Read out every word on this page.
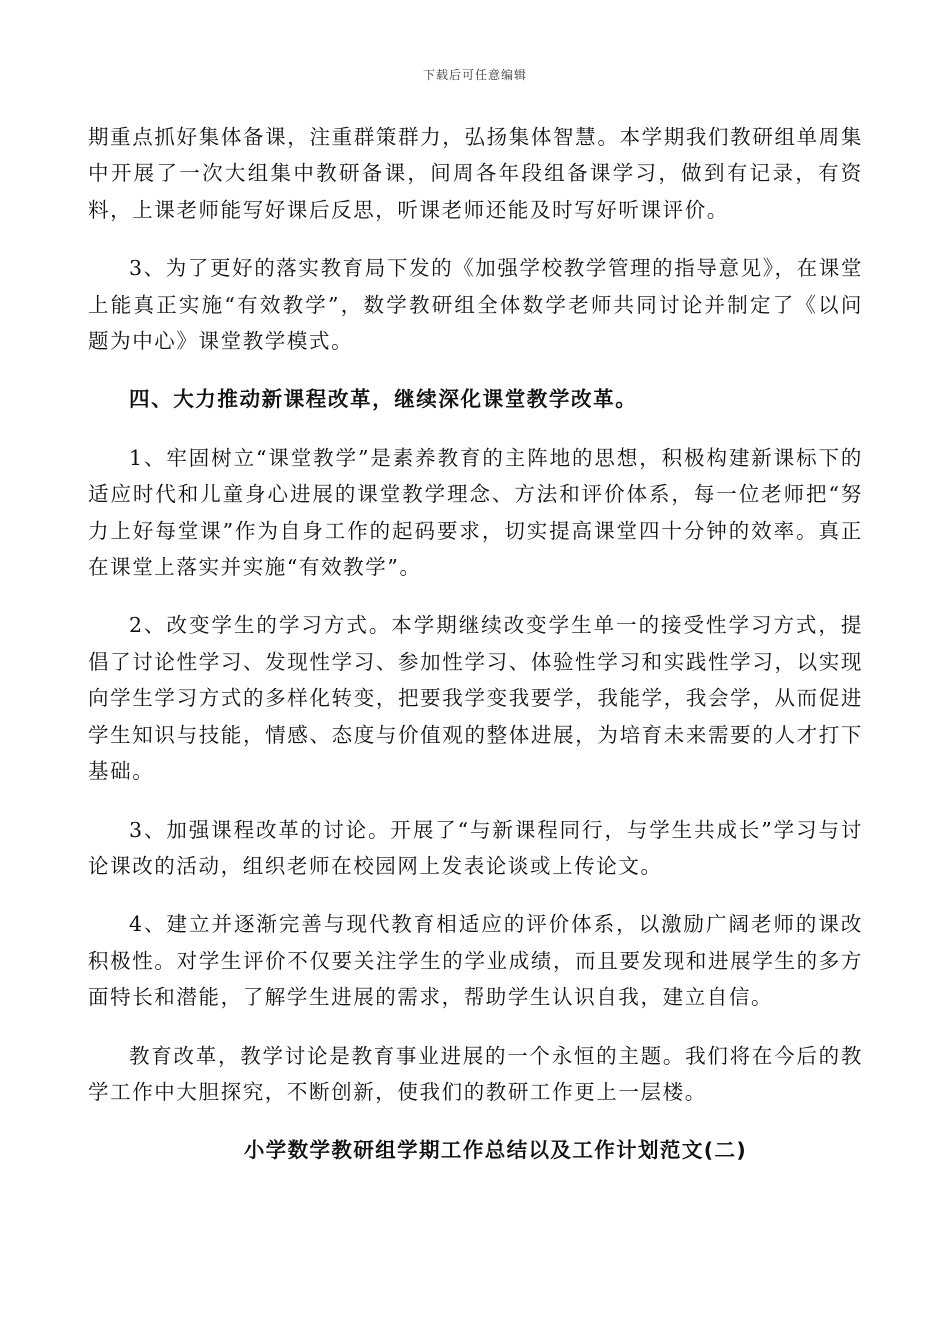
下载后可任意编辑

期重点抓好集体备课，注重群策群力，弘扬集体智慧。本学期我们教研组单周集中开展了一次大组集中教研备课，间周各年段组备课学习，做到有记录，有资料，上课老师能写好课后反思，听课老师还能及时写好听课评价。

3、为了更好的落实教育局下发的《加强学校教学管理的指导意见》，在课堂上能真正实施“有效教学”，数学教研组全体数学老师共同讨论并制定了《以问题为中心》课堂教学模式。

四、大力推动新课程改革，继续深化课堂教学改革。

1、牢固树立“课堂教学”是素养教育的主阵地的思想，积极构建新课标下的适应时代和儿童身心进展的课堂教学理念、方法和评价体系，每一位老师把“努力上好每堂课”作为自身工作的起码要求，切实提高课堂四十分钟的效率。真正在课堂上落实并实施“有效教学”。

2、改变学生的学习方式。本学期继续改变学生单一的接受性学习方式，提倡了讨论性学习、发现性学习、参加性学习、体验性学习和实践性学习，以实现向学生学习方式的多样化转变，把要我学变我要学，我能学，我会学，从而促进学生知识与技能，情感、态度与价值观的整体进展，为培育未来需要的人才打下基础。

3、加强课程改革的讨论。开展了“与新课程同行，与学生共成长”学习与讨论课改的活动，组织老师在校园网上发表论谈或上传论文。

4、建立并逐渐完善与现代教育相适应的评价体系，以激励广阔老师的课改积极性。对学生评价不仅要关注学生的学业成绩，而且要发现和进展学生的多方面特长和潜能，了解学生进展的需求，帮助学生认识自我，建立自信。

教育改革，教学讨论是教育事业进展的一个永恒的主题。我们将在今后的教学工作中大胆探究，不断创新，使我们的教研工作更上一层楼。

小学数学教研组学期工作总结以及工作计划范文(二)
